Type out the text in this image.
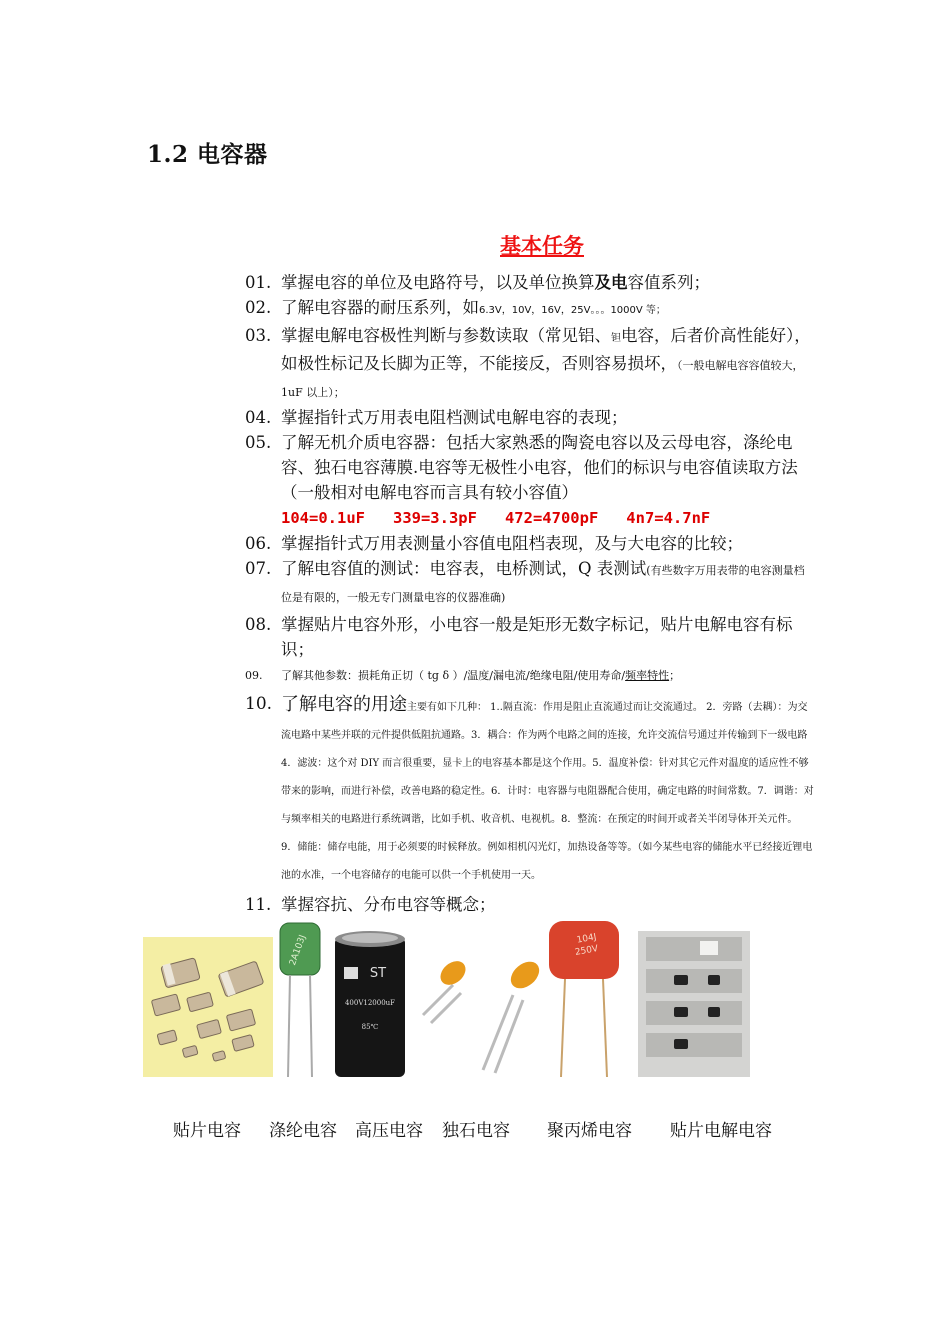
1.2 电容器
基本任务
01. 掌握电容的单位及电路符号，以及单位换算及电容值系列；
02. 了解电容器的耐压系列，如6.3V，10V，16V，25V。。。1000V 等；
03. 掌握电解电容极性判断与参数读取（常见铝、钽电容，后者价高性能好），如极性标记及长脚为正等，不能接反，否则容易损坏，（一般电解电容容值较大，1uF 以上）；
04. 掌握指针式万用表电阻档测试电解电容的表现；
05. 了解无机介质电容器：包括大家熟悉的陶瓷电容以及云母电容，涤纶电容、独石电容薄膜.电容等无极性小电容，他们的标识与电容值读取方法（一般相对电解电容而言具有较小容值）
104=0.1uF   339=3.3pF   472=4700pF   4n7=4.7nF
06. 掌握指针式万用表测量小容值电阻档表现，及与大电容的比较；
07. 了解电容值的测试：电容表，电桥测试，Q 表测试(有些数字万用表带的电容测量档位是有限的，一般无专门测量电容的仪器准确)
08. 掌握贴片电容外形，小电容一般是矩形无数字标记，贴片电解电容有标识；
09. 了解其他参数：损耗角正切（ tg δ ）/温度/漏电流/绝缘电阻/使用寿命/频率特性；
10. 了解电容的用途主要有如下几种： 1..隔直流：作用是阻止直流通过而让交流通过。 2．旁路（去耦）：为交流电路中某些并联的元件提供低阻抗通路。3．耦合：作为两个电路之间的连接，允许交流信号通过并传输到下一级电路 4．滤波：这个对 DIY 而言很重要，显卡上的电容基本都是这个作用。5．温度补偿：针对其它元件对温度的适应性不够带来的影响，而进行补偿，改善电路的稳定性。6．计时：电容器与电阻器配合使用，确定电路的时间常数。7．调谐：对与频率相关的电路进行系统调谐，比如手机、收音机、电视机。8．整流：在预定的时间开或者关半闭导体开关元件。 9．储能：储存电能，用于必须要的时候释放。例如相机闪光灯，加热设备等等。（如今某些电容的储能水平已经接近锂电池的水准，一个电容储存的电能可以供一个手机使用一天。
11. 掌握容抗、分布电容等概念；
2A103J
ST
400V12000uF
85℃
104J
250V
贴片电容 涤纶电容 高压电容 独石电容 聚丙烯电容 贴片电解电容
